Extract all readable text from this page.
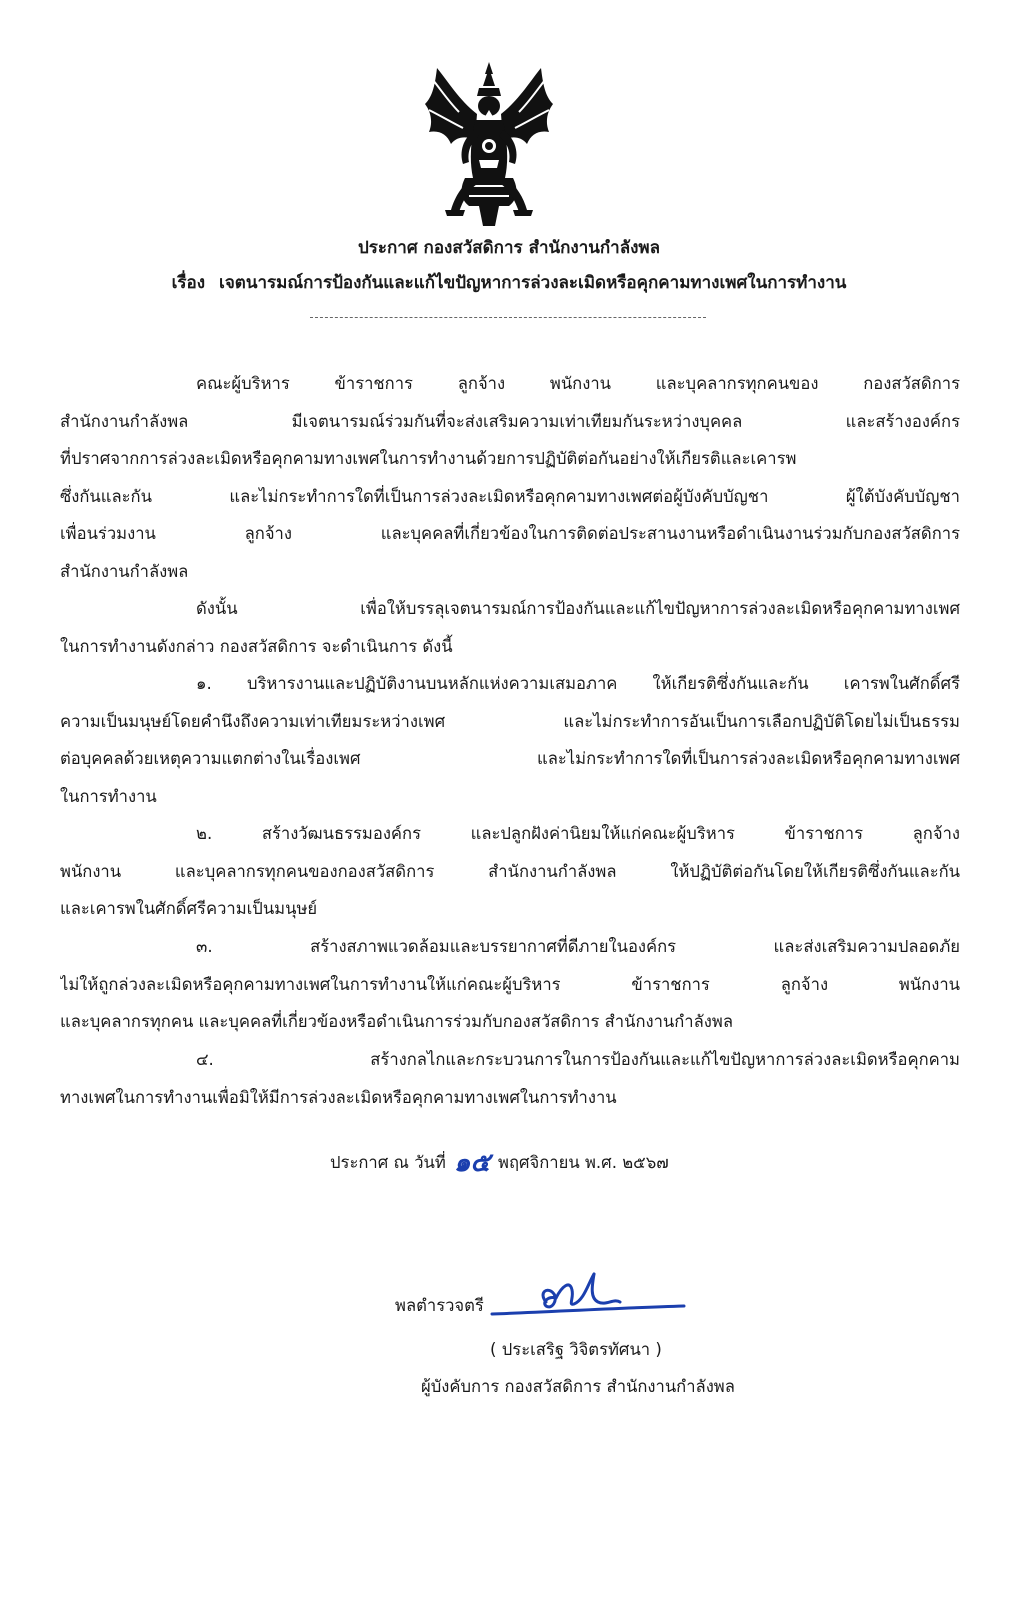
ประกาศ กองสวัสดิการ สำนักงานกำลังพล
เรื่อง เจตนารมณ์การป้องกันและแก้ไขปัญหาการล่วงละเมิดหรือคุกคามทางเพศในการทำงาน
คณะผู้บริหาร ข้าราชการ ลูกจ้าง พนักงาน และบุคลากรทุกคนของ กองสวัสดิการ
สำนักงานกำลังพล มีเจตนารมณ์ร่วมกันที่จะส่งเสริมความเท่าเทียมกันระหว่างบุคคล และสร้างองค์กร
ที่ปราศจากการล่วงละเมิดหรือคุกคามทางเพศในการทำงานด้วยการปฏิบัติต่อกันอย่างให้เกียรติและเคารพ
ซึ่งกันและกัน และไม่กระทำการใดที่เป็นการล่วงละเมิดหรือคุกคามทางเพศต่อผู้บังคับบัญชา ผู้ใต้บังคับบัญชา
เพื่อนร่วมงาน ลูกจ้าง และบุคคลที่เกี่ยวข้องในการติดต่อประสานงานหรือดำเนินงานร่วมกับกองสวัสดิการ
สำนักงานกำลังพล
ดังนั้น เพื่อให้บรรลุเจตนารมณ์การป้องกันและแก้ไขปัญหาการล่วงละเมิดหรือคุกคามทางเพศ
ในการทำงานดังกล่าว กองสวัสดิการ จะดำเนินการ ดังนี้
๑. บริหารงานและปฏิบัติงานบนหลักแห่งความเสมอภาค ให้เกียรติซึ่งกันและกัน เคารพในศักดิ์ศรี
ความเป็นมนุษย์โดยคำนึงถึงความเท่าเทียมระหว่างเพศ และไม่กระทำการอันเป็นการเลือกปฏิบัติโดยไม่เป็นธรรม
ต่อบุคคลด้วยเหตุความแตกต่างในเรื่องเพศ และไม่กระทำการใดที่เป็นการล่วงละเมิดหรือคุกคามทางเพศ
ในการทำงาน
๒. สร้างวัฒนธรรมองค์กร และปลูกฝังค่านิยมให้แก่คณะผู้บริหาร ข้าราชการ ลูกจ้าง
พนักงาน และบุคลากรทุกคนของกองสวัสดิการ สำนักงานกำลังพล ให้ปฏิบัติต่อกันโดยให้เกียรติซึ่งกันและกัน
และเคารพในศักดิ์ศรีความเป็นมนุษย์
๓. สร้างสภาพแวดล้อมและบรรยากาศที่ดีภายในองค์กร และส่งเสริมความปลอดภัย
ไม่ให้ถูกล่วงละเมิดหรือคุกคามทางเพศในการทำงานให้แก่คณะผู้บริหาร ข้าราชการ ลูกจ้าง พนักงาน
และบุคลากรทุกคน และบุคคลที่เกี่ยวข้องหรือดำเนินการร่วมกับกองสวัสดิการ สำนักงานกำลังพล
๔. สร้างกลไกและกระบวนการในการป้องกันและแก้ไขปัญหาการล่วงละเมิดหรือคุกคาม
ทางเพศในการทำงานเพื่อมิให้มีการล่วงละเมิดหรือคุกคามทางเพศในการทำงาน
ประกาศ ณ วันที่ ๑๕ พฤศจิกายน พ.ศ. ๒๕๖๗
พลตำรวจตรี
( ประเสริฐ วิจิตรทัศนา )
ผู้บังคับการ กองสวัสดิการ สำนักงานกำลังพล
